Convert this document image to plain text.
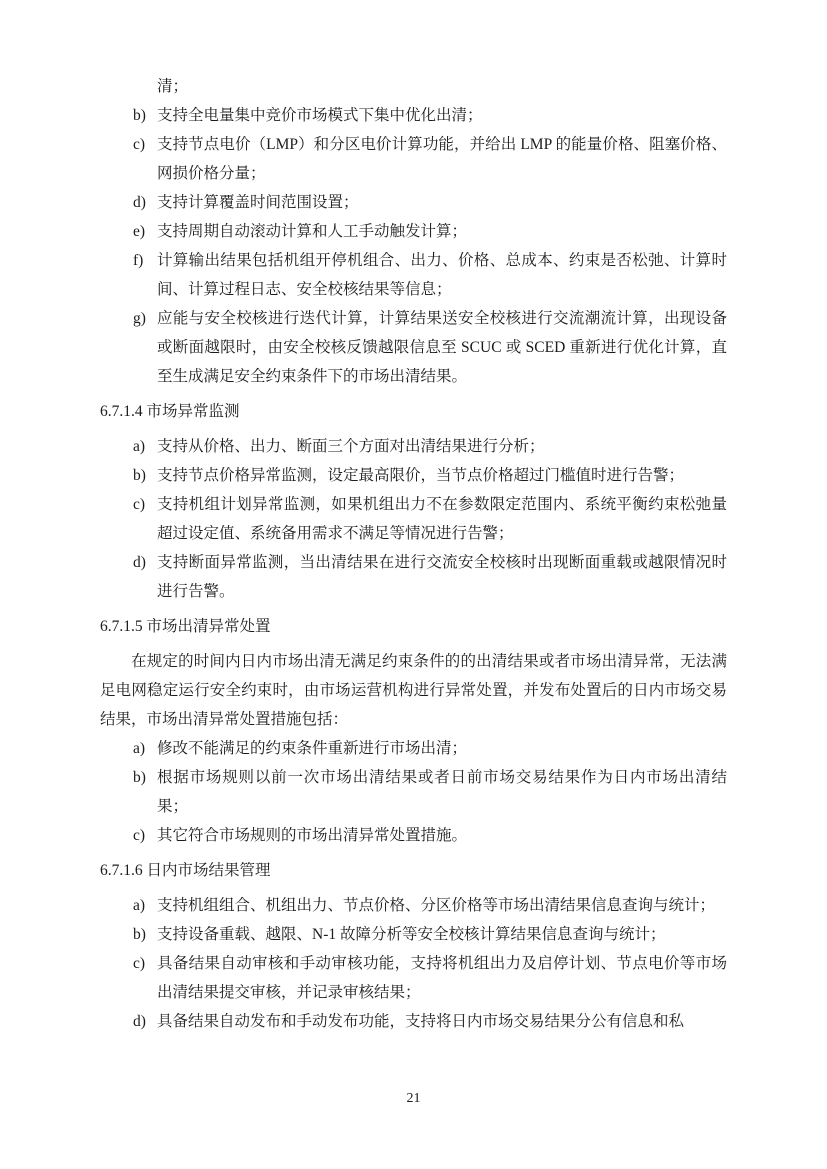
清；
b) 支持全电量集中竞价市场模式下集中优化出清；
c) 支持节点电价（LMP）和分区电价计算功能，并给出 LMP 的能量价格、阻塞价格、网损价格分量；
d) 支持计算覆盖时间范围设置；
e) 支持周期自动滚动计算和人工手动触发计算；
f) 计算输出结果包括机组开停机组合、出力、价格、总成本、约束是否松弛、计算时间、计算过程日志、安全校核结果等信息；
g) 应能与安全校核进行迭代计算，计算结果送安全校核进行交流潮流计算，出现设备或断面越限时，由安全校核反馈越限信息至 SCUC 或 SCED 重新进行优化计算，直至生成满足安全约束条件下的市场出清结果。
6.7.1.4 市场异常监测
a) 支持从价格、出力、断面三个方面对出清结果进行分析；
b) 支持节点价格异常监测，设定最高限价，当节点价格超过门槛值时进行告警；
c) 支持机组计划异常监测，如果机组出力不在参数限定范围内、系统平衡约束松弛量超过设定值、系统备用需求不满足等情况进行告警；
d) 支持断面异常监测，当出清结果在进行交流安全校核时出现断面重载或越限情况时进行告警。
6.7.1.5 市场出清异常处置
在规定的时间内日内市场出清无满足约束条件的的出清结果或者市场出清异常，无法满足电网稳定运行安全约束时，由市场运营机构进行异常处置，并发布处置后的日内市场交易结果，市场出清异常处置措施包括：
a) 修改不能满足的约束条件重新进行市场出清；
b) 根据市场规则以前一次市场出清结果或者日前市场交易结果作为日内市场出清结果；
c) 其它符合市场规则的市场出清异常处置措施。
6.7.1.6 日内市场结果管理
a) 支持机组组合、机组出力、节点价格、分区价格等市场出清结果信息查询与统计；
b) 支持设备重载、越限、N-1 故障分析等安全校核计算结果信息查询与统计；
c) 具备结果自动审核和手动审核功能，支持将机组出力及启停计划、节点电价等市场出清结果提交审核，并记录审核结果；
d) 具备结果自动发布和手动发布功能，支持将日内市场交易结果分公有信息和私
21
